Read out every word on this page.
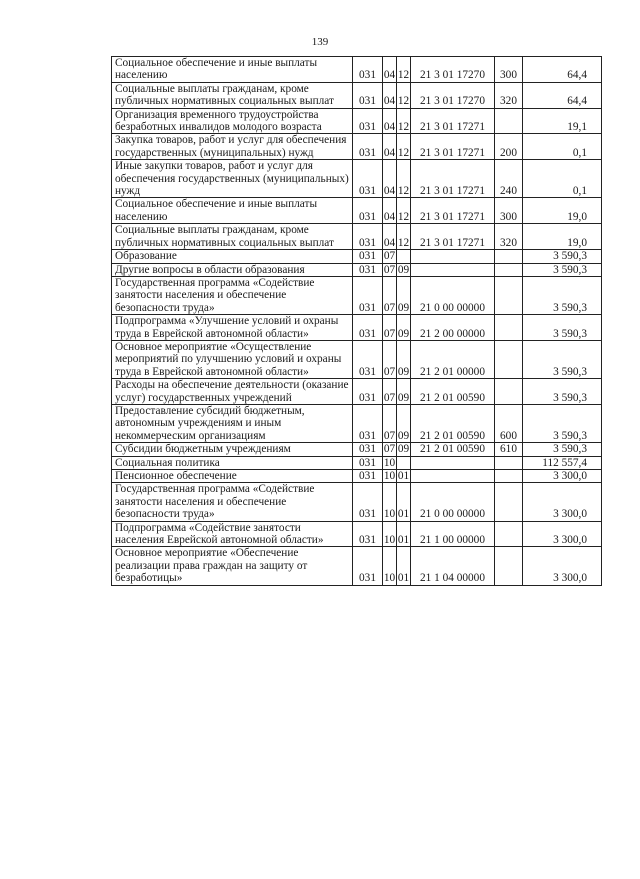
139
Социальное обеспечение и иные выплаты населению	031	04	12	21 3 01 17270	300	64,4
Социальные выплаты гражданам, кроме публичных нормативных социальных выплат	031	04	12	21 3 01 17270	320	64,4
Организация временного трудоустройства безработных инвалидов молодого возраста	031	04	12	21 3 01 17271		19,1
Закупка товаров, работ и услуг для обеспечения государственных (муниципальных) нужд	031	04	12	21 3 01 17271	200	0,1
Иные закупки товаров, работ и услуг для обеспечения государственных (муниципальных) нужд	031	04	12	21 3 01 17271	240	0,1
Социальное обеспечение и иные выплаты населению	031	04	12	21 3 01 17271	300	19,0
Социальные выплаты гражданам, кроме публичных нормативных социальных выплат	031	04	12	21 3 01 17271	320	19,0
Образование	031	07				3 590,3
Другие вопросы в области образования	031	07	09			3 590,3
Государственная программа «Содействие занятости населения и обеспечение безопасности труда»	031	07	09	21 0 00 00000		3 590,3
Подпрограмма «Улучшение условий и охраны труда в Еврейской автономной области»	031	07	09	21 2 00 00000		3 590,3
Основное мероприятие «Осуществление мероприятий по улучшению условий и охраны труда в Еврейской автономной области»	031	07	09	21 2 01 00000		3 590,3
Расходы на обеспечение деятельности (оказание услуг) государственных учреждений	031	07	09	21 2 01 00590		3 590,3
Предоставление субсидий бюджетным, автономным учреждениям и иным некоммерческим организациям	031	07	09	21 2 01 00590	600	3 590,3
Субсидии бюджетным учреждениям	031	07	09	21 2 01 00590	610	3 590,3
Социальная политика	031	10				112 557,4
Пенсионное обеспечение	031	10	01			3 300,0
Государственная программа «Содействие занятости населения и обеспечение безопасности труда»	031	10	01	21 0 00 00000		3 300,0
Подпрограмма «Содействие занятости населения Еврейской автономной области»	031	10	01	21 1 00 00000		3 300,0
Основное мероприятие «Обеспечение реализации права граждан на защиту от безработицы»	031	10	01	21 1 04 00000		3 300,0
